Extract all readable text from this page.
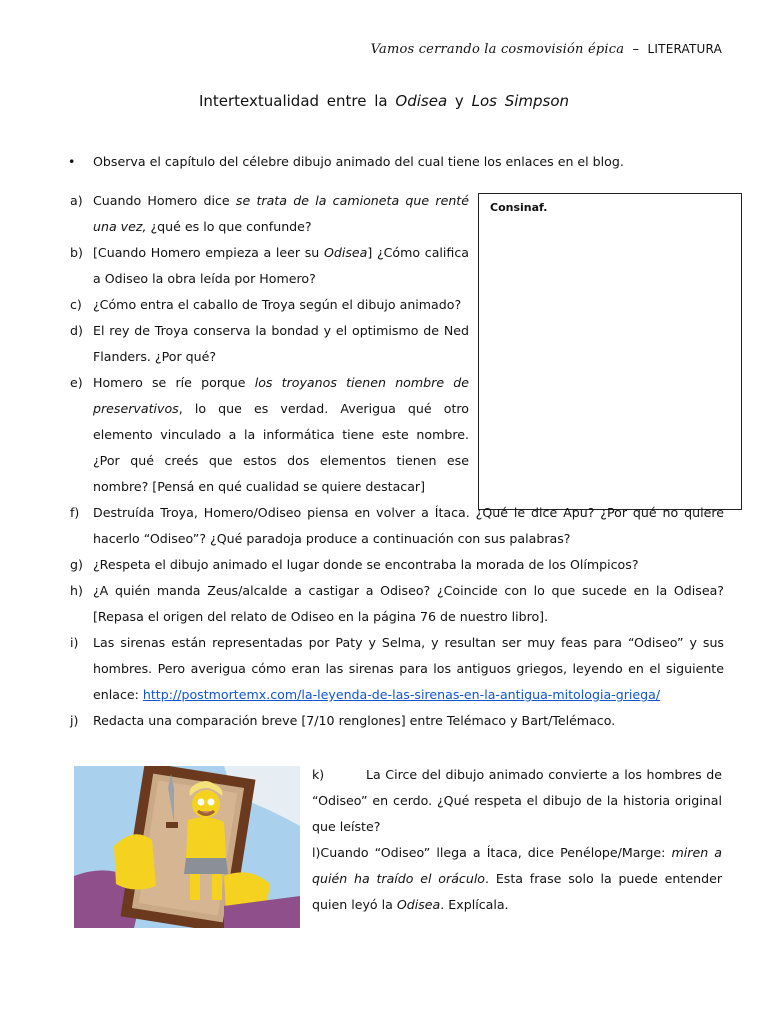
Vamos cerrando la cosmovisión épica – LITERATURA
Intertextualidad entre la Odisea y Los Simpson
• Observa el capítulo del célebre dibujo animado del cual tiene los enlaces en el blog.
Consinaf.
a) Cuando Homero dice se trata de la camioneta que renté una vez, ¿qué es lo que confunde?
b) [Cuando Homero empieza a leer su Odisea] ¿Cómo califica a Odiseo la obra leída por Homero?
c) ¿Cómo entra el caballo de Troya según el dibujo animado?
d) El rey de Troya conserva la bondad y el optimismo de Ned Flanders. ¿Por qué?
e) Homero se ríe porque los troyanos tienen nombre de preservativos, lo que es verdad. Averigua qué otro elemento vinculado a la informática tiene este nombre. ¿Por qué creés que estos dos elementos tienen ese nombre? [Pensá en qué cualidad se quiere destacar]
f) Destruída Troya, Homero/Odiseo piensa en volver a Ítaca. ¿Qué le dice Apu? ¿Por qué no quiere hacerlo “Odiseo”? ¿Qué paradoja produce a continuación con sus palabras?
g) ¿Respeta el dibujo animado el lugar donde se encontraba la morada de los Olímpicos?
h) ¿A quién manda Zeus/alcalde a castigar a Odiseo? ¿Coincide con lo que sucede en la Odisea? [Repasa el origen del relato de Odiseo en la página 76 de nuestro libro].
i) Las sirenas están representadas por Paty y Selma, y resultan ser muy feas para “Odiseo” y sus hombres. Pero averigua cómo eran las sirenas para los antiguos griegos, leyendo en el siguiente enlace: http://postmortemx.com/la-leyenda-de-las-sirenas-en-la-antigua-mitologia-griega/
j) Redacta una comparación breve [7/10 renglones] entre Telémaco y Bart/Telémaco.
k)	La Circe del dibujo animado convierte a los hombres de “Odiseo” en cerdo. ¿Qué respeta el dibujo de la historia original que leíste?
l)Cuando “Odiseo” llega a Ítaca, dice Penélope/Marge: miren a quién ha traído el oráculo. Esta frase solo la puede entender quien leyó la Odisea. Explícala.
